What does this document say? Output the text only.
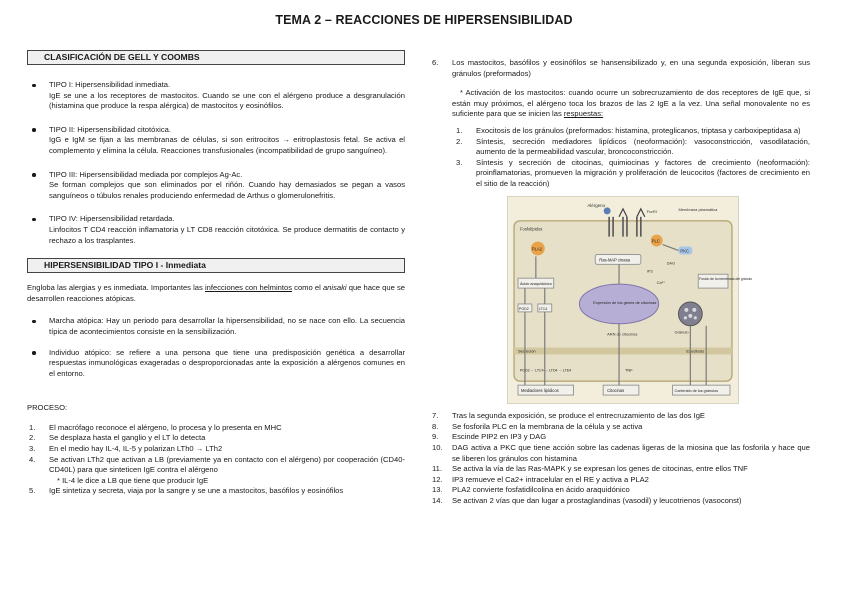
TEMA 2 – REACCIONES DE HIPERSENSIBILIDAD
CLASIFICACIÓN DE GELL Y COOMBS
TIPO I: Hipersensibilidad inmediata.
IgE se une a los receptores de mastocitos. Cuando se une con el alérgeno produce a desgranulación (histamina que produce la respa alérgica) de mastocitos y eosinófilos.
TIPO II: Hipersensibilidad citotóxica.
IgG e IgM se fijan a las membranas de células, si son eritrocitos → eritroplastosis fetal. Se activa el complemento y elimina la célula. Reacciones transfusionales (incompatibilidad de grupo sanguíneo).
TIPO III: Hipersensibilidad mediada por complejos Ag-Ac.
Se forman complejos que son eliminados por el riñón. Cuando hay demasiados se pegan a vasos sanguíneos o túbulos renales produciendo enfermedad de Arthus o glomerulonefritis.
TIPO IV: Hipersensibilidad retardada.
Linfocitos T CD4 reacción inflamatoria y LT CD8 reacción citotóxica. Se produce dermatitis de contacto y rechazo a los trasplantes.
HIPERSENSIBILIDAD TIPO I - Inmediata
Engloba las alergias y es inmediata. Importantes las infecciones con helmintos como el anisaki que hace que se desarrollen reacciones atópicas.
Marcha atópica: Hay un periodo para desarrollar la hipersensibilidad, no se nace con ello. La secuencia típica de acontecimientos consiste en la sensibilización.
Individuo atópico: se refiere a una persona que tiene una predisposición genética a desarrollar respuestas inmunológicas exageradas o desproporcionadas ante la exposición a alérgenos comunes en el entorno.
PROCESO:
1. El macrófago reconoce el alérgeno, lo procesa y lo presenta en MHC
2. Se desplaza hasta el ganglio y el LT lo detecta
3. En el medio hay IL-4, IL-5 y polarizan LTh0 → LTh2
4. Se activan LTh2 que activan a LB (previamente ya en contacto con el alérgeno) por cooperación (CD40-CD40L) para que sinteticen IgE contra el alérgeno
* IL-4 le dice a LB que tiene que producir IgE
5. IgE sintetiza y secreta, viaja por la sangre y se une a mastocitos, basófilos y eosinófilos
6. Los mastocitos, basófilos y eosinófilos se hansensibilizado y, en una segunda exposición, liberan sus gránulos (preformados)
* Activación de los mastocitos: cuando ocurre un sobrecruzamiento de dos receptores de IgE que, si están muy próximos, el alérgeno toca los brazos de las 2 IgE a la vez. Una señal monovalente no es suficiente para que se inicien las respuestas:
1. Exocitosis de los gránulos (preformados: histamina, proteglicanos, triptasa y carboxipeptidasa a)
2. Síntesis, secreción mediadores lipídicos (neoformación): vasoconstricción, vasodilatación, aumento de la permeabilidad vascular, broncoconstricción.
3. Síntesis y secreción de citocinas, quimiocinas y factores de crecimiento (neoformación): proinflamatorias, promueven la migración y proliferación de leucocitos (factores de crecimiento en el sitio de la reacción)
Alérgeno
FcεRI	Membrana plasmática
Fosfolípidos
PLA2
PLC
PKC
DAG
IP3
Ca²⁺
Ras-MAP cinasa
Ácido araquidónico
PGD2	LTC4
Expresión de los genes de citocinas
ARN de citocinas	Gránulo
Fusión de la membrana del gránulo
Secreción	Exocitosis
PGD2 ← LTC4 → LTD4 → LTE4	TNF
Mediadores lipídicos	Citocinas	Contenido de los gránulos
7. Tras la segunda exposición, se produce el entrecruzamiento de las dos IgE
8. Se fosforila PLC en la membrana de la célula y se activa
9. Escinde PIP2 en IP3 y DAG
10. DAG activa a PKC que tiene acción sobre las cadenas ligeras de la miosina que las fosforila y hace que se liberen los gránulos con histamina
11. Se activa la vía de las Ras-MAPK y se expresan los genes de citocinas, entre ellos TNF
12. IP3 remueve el Ca2+ intracelular en el RE y activa a PLA2
13. PLA2 convierte fosfatidilcolina en ácido araquidónico
14. Se activan 2 vías que dan lugar a prostaglandinas (vasodil) y leucotrienos (vasoconst)
